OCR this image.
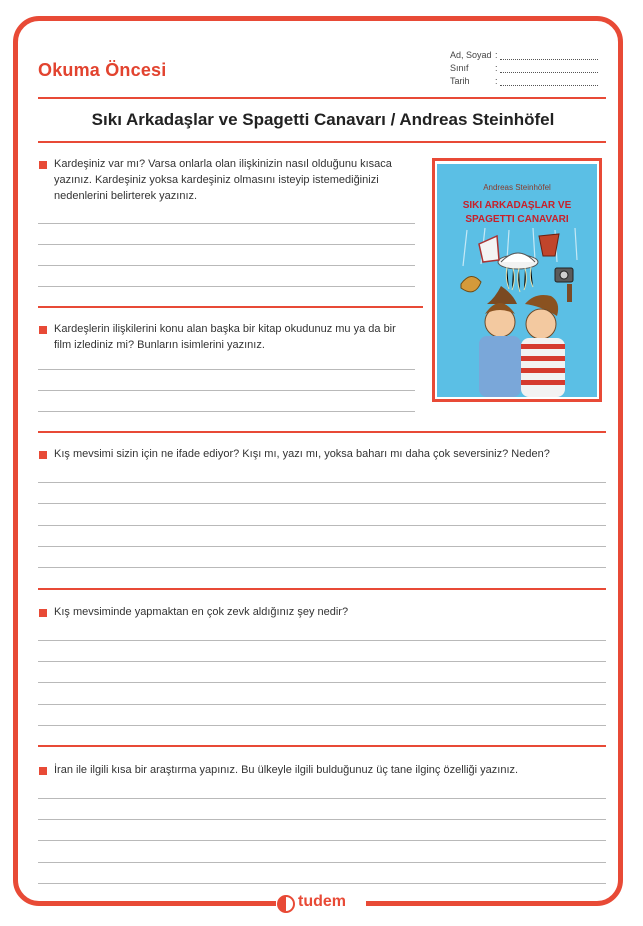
Okuma Öncesi
Ad, Soyad :
Sınıf	:
Tarih	:
Sıkı Arkadaşlar ve Spagetti Canavarı / Andreas Steinhöfel
Kardeşiniz var mı? Varsa onlarla olan ilişkinizin nasıl olduğunu kısaca yazınız. Kardeşiniz yoksa kardeşiniz olmasını isteyip istemediğinizi nedenlerini belirterek yazınız.
Kardeşlerin ilişkilerini konu alan başka bir kitap okudunuz mu ya da bir film izlediniz mi? Bunların isimlerini yazınız.
Andreas Steinhöfel
SIKI ARKADAŞLAR VE
SPAGETTI CANAVARI
Kış mevsimi sizin için ne ifade ediyor? Kışı mı, yazı mı, yoksa baharı mı daha çok seversiniz? Neden?
Kış mevsiminde yapmaktan en çok zevk aldığınız şey nedir?
İran ile ilgili kısa bir araştırma yapınız. Bu ülkeyle ilgili bulduğunuz üç tane ilginç özelliği yazınız.
tudem
